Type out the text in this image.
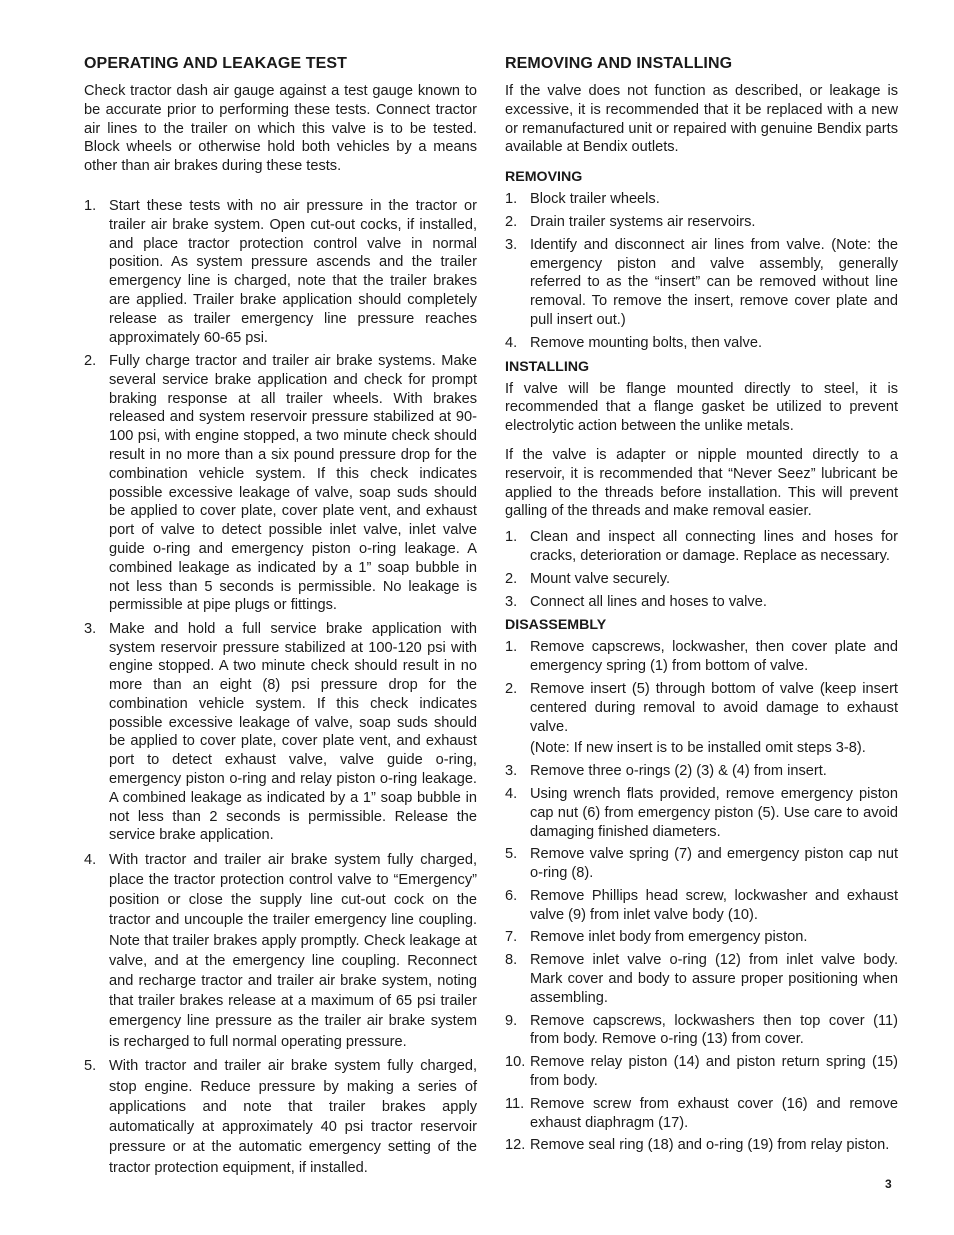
OPERATING AND LEAKAGE TEST

Check tractor dash air gauge against a test gauge known to be accurate prior to performing these tests. Connect tractor air lines to the trailer on which this valve is to be tested. Block wheels or otherwise hold both vehicles by a means other than air brakes during these tests.

1. Start these tests with no air pressure in the tractor or trailer air brake system. Open cut-out cocks, if installed, and place tractor protection control valve in normal position. As system pressure ascends and the trailer emergency line is charged, note that the trailer brakes are applied. Trailer brake application should completely release as trailer emergency line pressure reaches approximately 60-65 psi.
2. Fully charge tractor and trailer air brake systems. Make several service brake application and check for prompt braking response at all trailer wheels. With brakes released and system reservoir pressure stabilized at 90-100 psi, with engine stopped, a two minute check should result in no more than a six pound pressure drop for the combination vehicle system. If this check indicates possible excessive leakage of valve, soap suds should be applied to cover plate, cover plate vent, and exhaust port of valve to detect possible inlet valve, inlet valve guide o-ring and emergency piston o-ring leakage. A combined leakage as indicated by a 1” soap bubble in not less than 5 seconds is permissible. No leakage is permissible at pipe plugs or fittings.
3. Make and hold a full service brake application with system reservoir pressure stabilized at 100-120 psi with engine stopped. A two minute check should result in no more than an eight (8) psi pressure drop for the combination vehicle system. If this check indicates possible excessive leakage of valve, soap suds should be applied to cover plate, cover plate vent, and exhaust port to detect exhaust valve, valve guide o-ring, emergency piston o-ring and relay piston o-ring leakage. A combined leakage as indicated by a 1” soap bubble in not less than 2 seconds is permissible. Release the service brake application.
4. With tractor and trailer air brake system fully charged, place the tractor protection control valve to “Emergency” position or close the supply line cut-out cock on the tractor and uncouple the trailer emergency line coupling. Note that trailer brakes apply promptly. Check leakage at valve, and at the emergency line coupling. Reconnect and recharge tractor and trailer air brake system, noting that trailer brakes release at a maximum of 65 psi trailer emergency line pressure as the trailer air brake system is recharged to full normal operating pressure.
5. With tractor and trailer air brake system fully charged, stop engine. Reduce pressure by making a series of applications and note that trailer brakes apply automatically at approximately 40 psi tractor reservoir pressure or at the automatic emergency setting of the tractor protection equipment, if installed.
REMOVING AND INSTALLING

If the valve does not function as described, or leakage is excessive, it is recommended that it be replaced with a new or remanufactured unit or repaired with genuine Bendix parts available at Bendix outlets.

REMOVING
1. Block trailer wheels.
2. Drain trailer systems air reservoirs.
3. Identify and disconnect air lines from valve. (Note: the emergency piston and valve assembly, generally referred to as the “insert” can be removed without line removal. To remove the insert, remove cover plate and pull insert out.)
4. Remove mounting bolts, then valve.
INSTALLING

If valve will be flange mounted directly to steel, it is recommended that a flange gasket be utilized to prevent electrolytic action between the unlike metals.

If the valve is adapter or nipple mounted directly to a reservoir, it is recommended that “Never Seez” lubricant be applied to the threads before installation. This will prevent galling of the threads and make removal easier.

1. Clean and inspect all connecting lines and hoses for cracks, deterioration or damage. Replace as necessary.
2. Mount valve securely.
3. Connect all lines and hoses to valve.
DISASSEMBLY
1. Remove capscrews, lockwasher, then cover plate and emergency spring (1) from bottom of valve.
2. Remove insert (5) through bottom of valve (keep insert centered during removal to avoid damage to exhaust valve.
(Note: If new insert is to be installed omit steps 3-8).
3. Remove three o-rings (2) (3) & (4) from insert.
4. Using wrench flats provided, remove emergency piston cap nut (6) from emergency piston (5). Use care to avoid damaging finished diameters.
5. Remove valve spring (7) and emergency piston cap nut o-ring (8).
6. Remove Phillips head screw, lockwasher and exhaust valve (9) from inlet valve body (10).
7. Remove inlet body from emergency piston.
8. Remove inlet valve o-ring (12) from inlet valve body. Mark cover and body to assure proper positioning when assembling.
9. Remove capscrews, lockwashers then top cover (11) from body. Remove o-ring (13) from cover.
10. Remove relay piston (14) and piston return spring (15) from body.
11. Remove screw from exhaust cover (16) and remove exhaust diaphragm (17).
12. Remove seal ring (18) and o-ring (19) from relay piston.
3
